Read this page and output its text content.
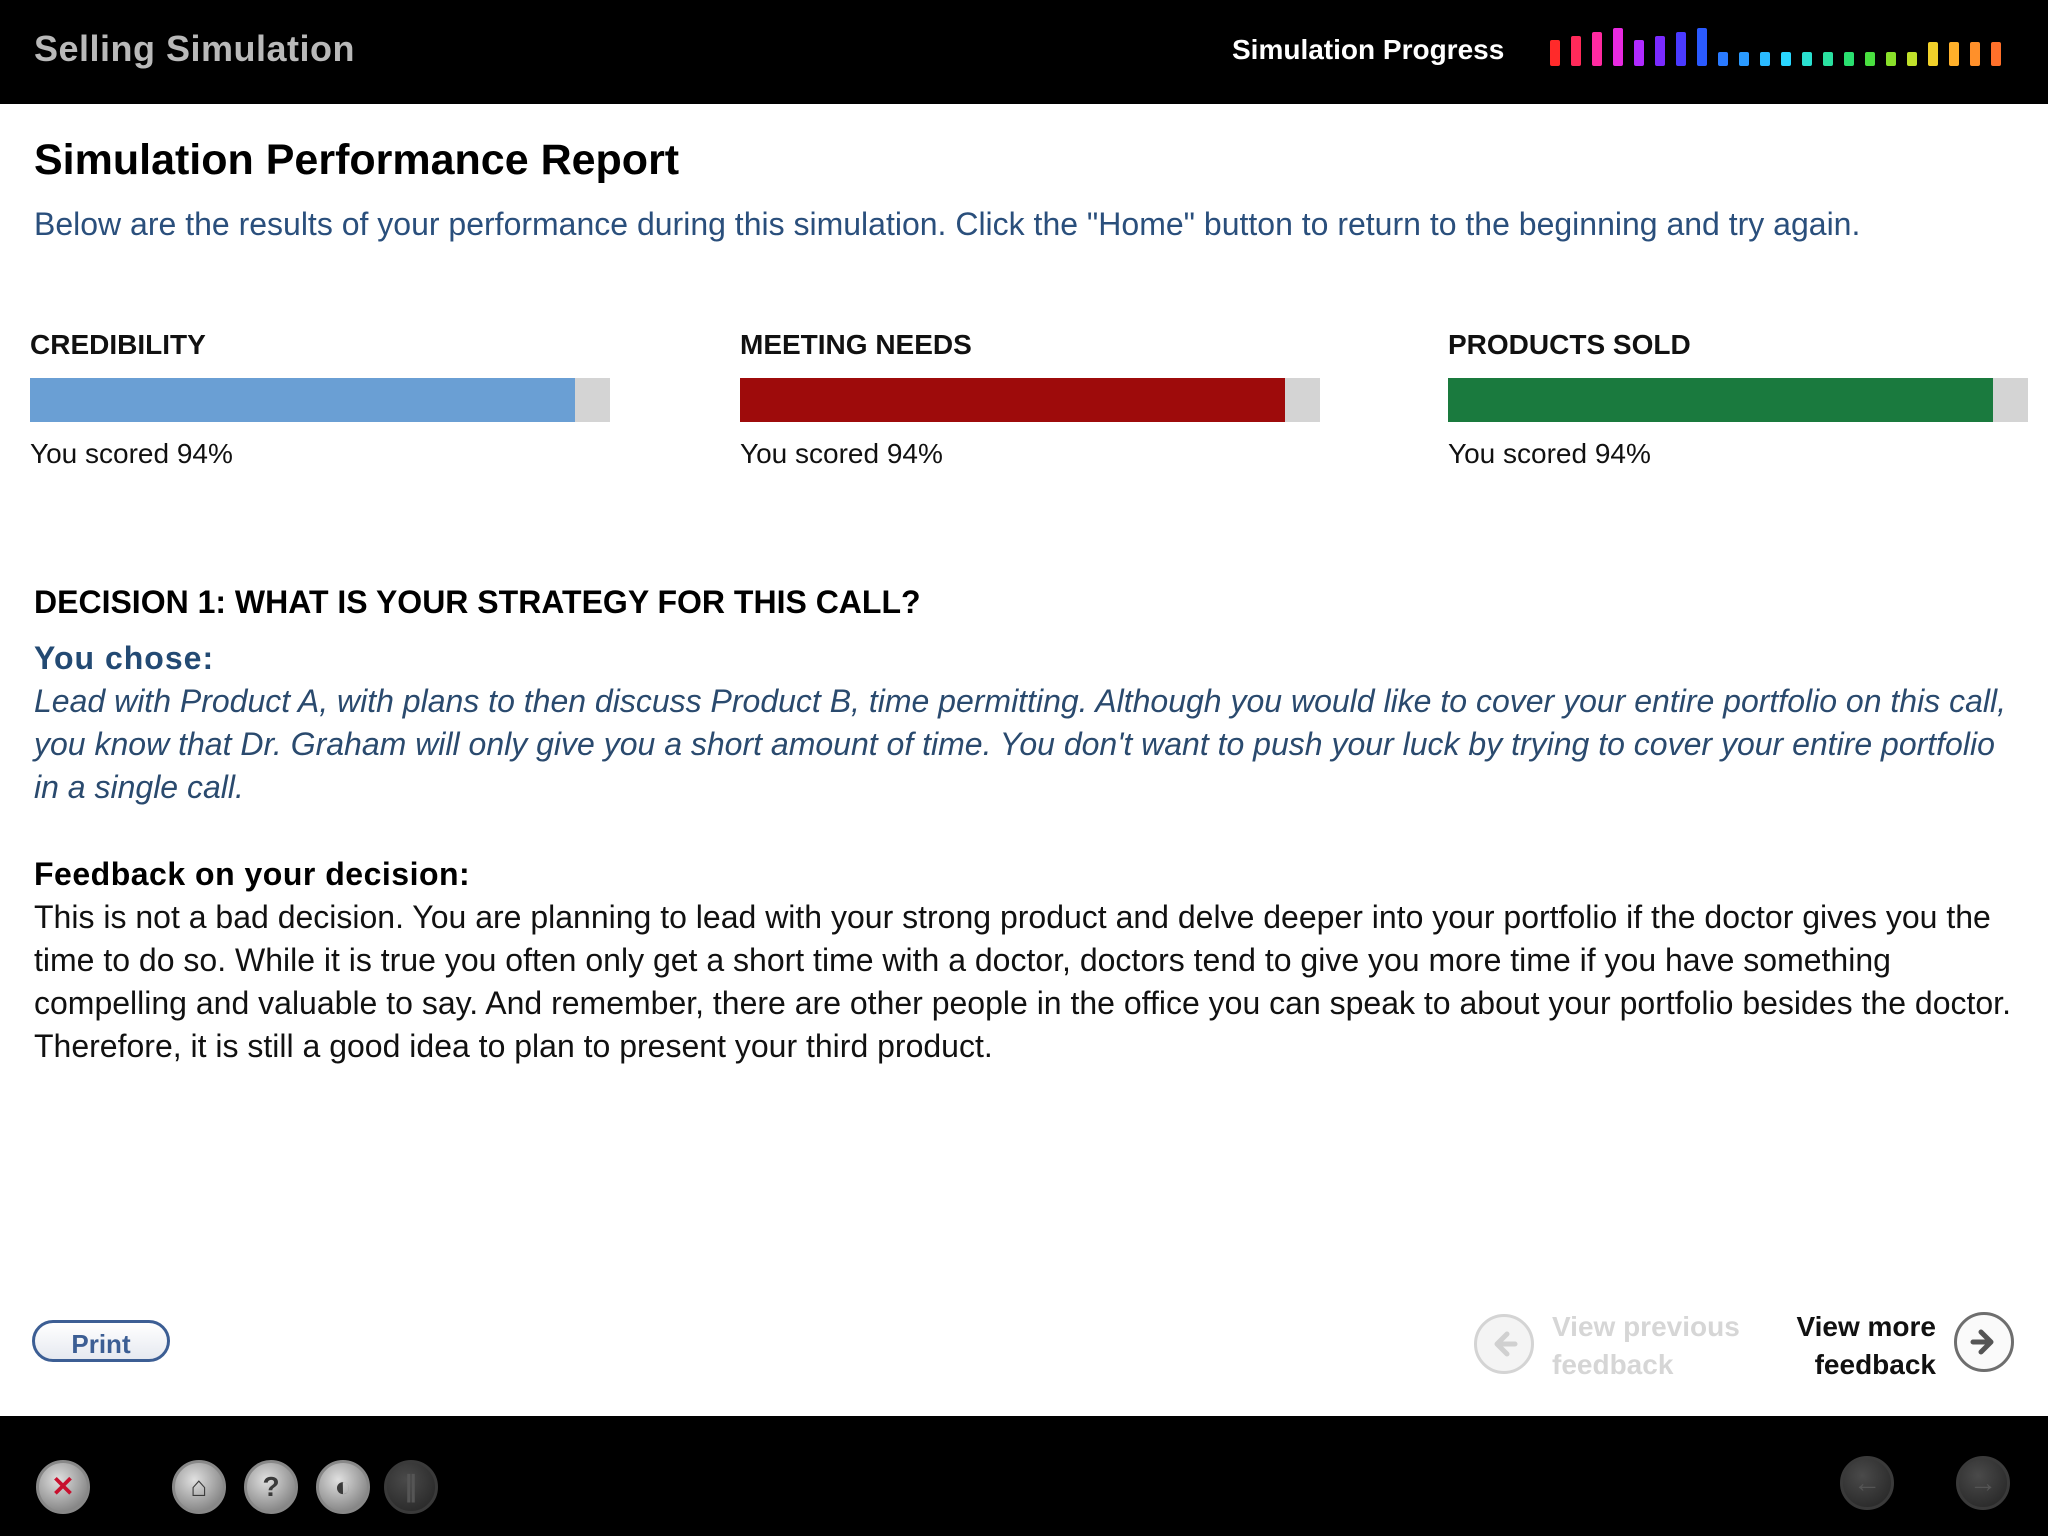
Selling Simulation	Simulation Progress
Simulation Performance Report
Below are the results of your performance during this simulation. Click the "Home" button to return to the beginning and try again.
CREDIBILITY
You scored 94%
MEETING NEEDS
You scored 94%
PRODUCTS SOLD
You scored 94%
DECISION 1: WHAT IS YOUR STRATEGY FOR THIS CALL?
You chose:
Lead with Product A, with plans to then discuss Product B, time permitting. Although you would like to cover your entire portfolio on this call, you know that Dr. Graham will only give you a short amount of time. You don't want to push your luck by trying to cover your entire portfolio in a single call.
Feedback on your decision:
This is not a bad decision. You are planning to lead with your strong product and delve deeper into your portfolio if the doctor gives you the time to do so. While it is true you often only get a short time with a doctor, doctors tend to give you more time if you have something compelling and valuable to say. And remember, there are other people in the office you can speak to about your portfolio besides the doctor. Therefore, it is still a good idea to plan to present your third product.
Print
View previous feedback
View more feedback
✕	⌂	?	◐	∥	←	→
